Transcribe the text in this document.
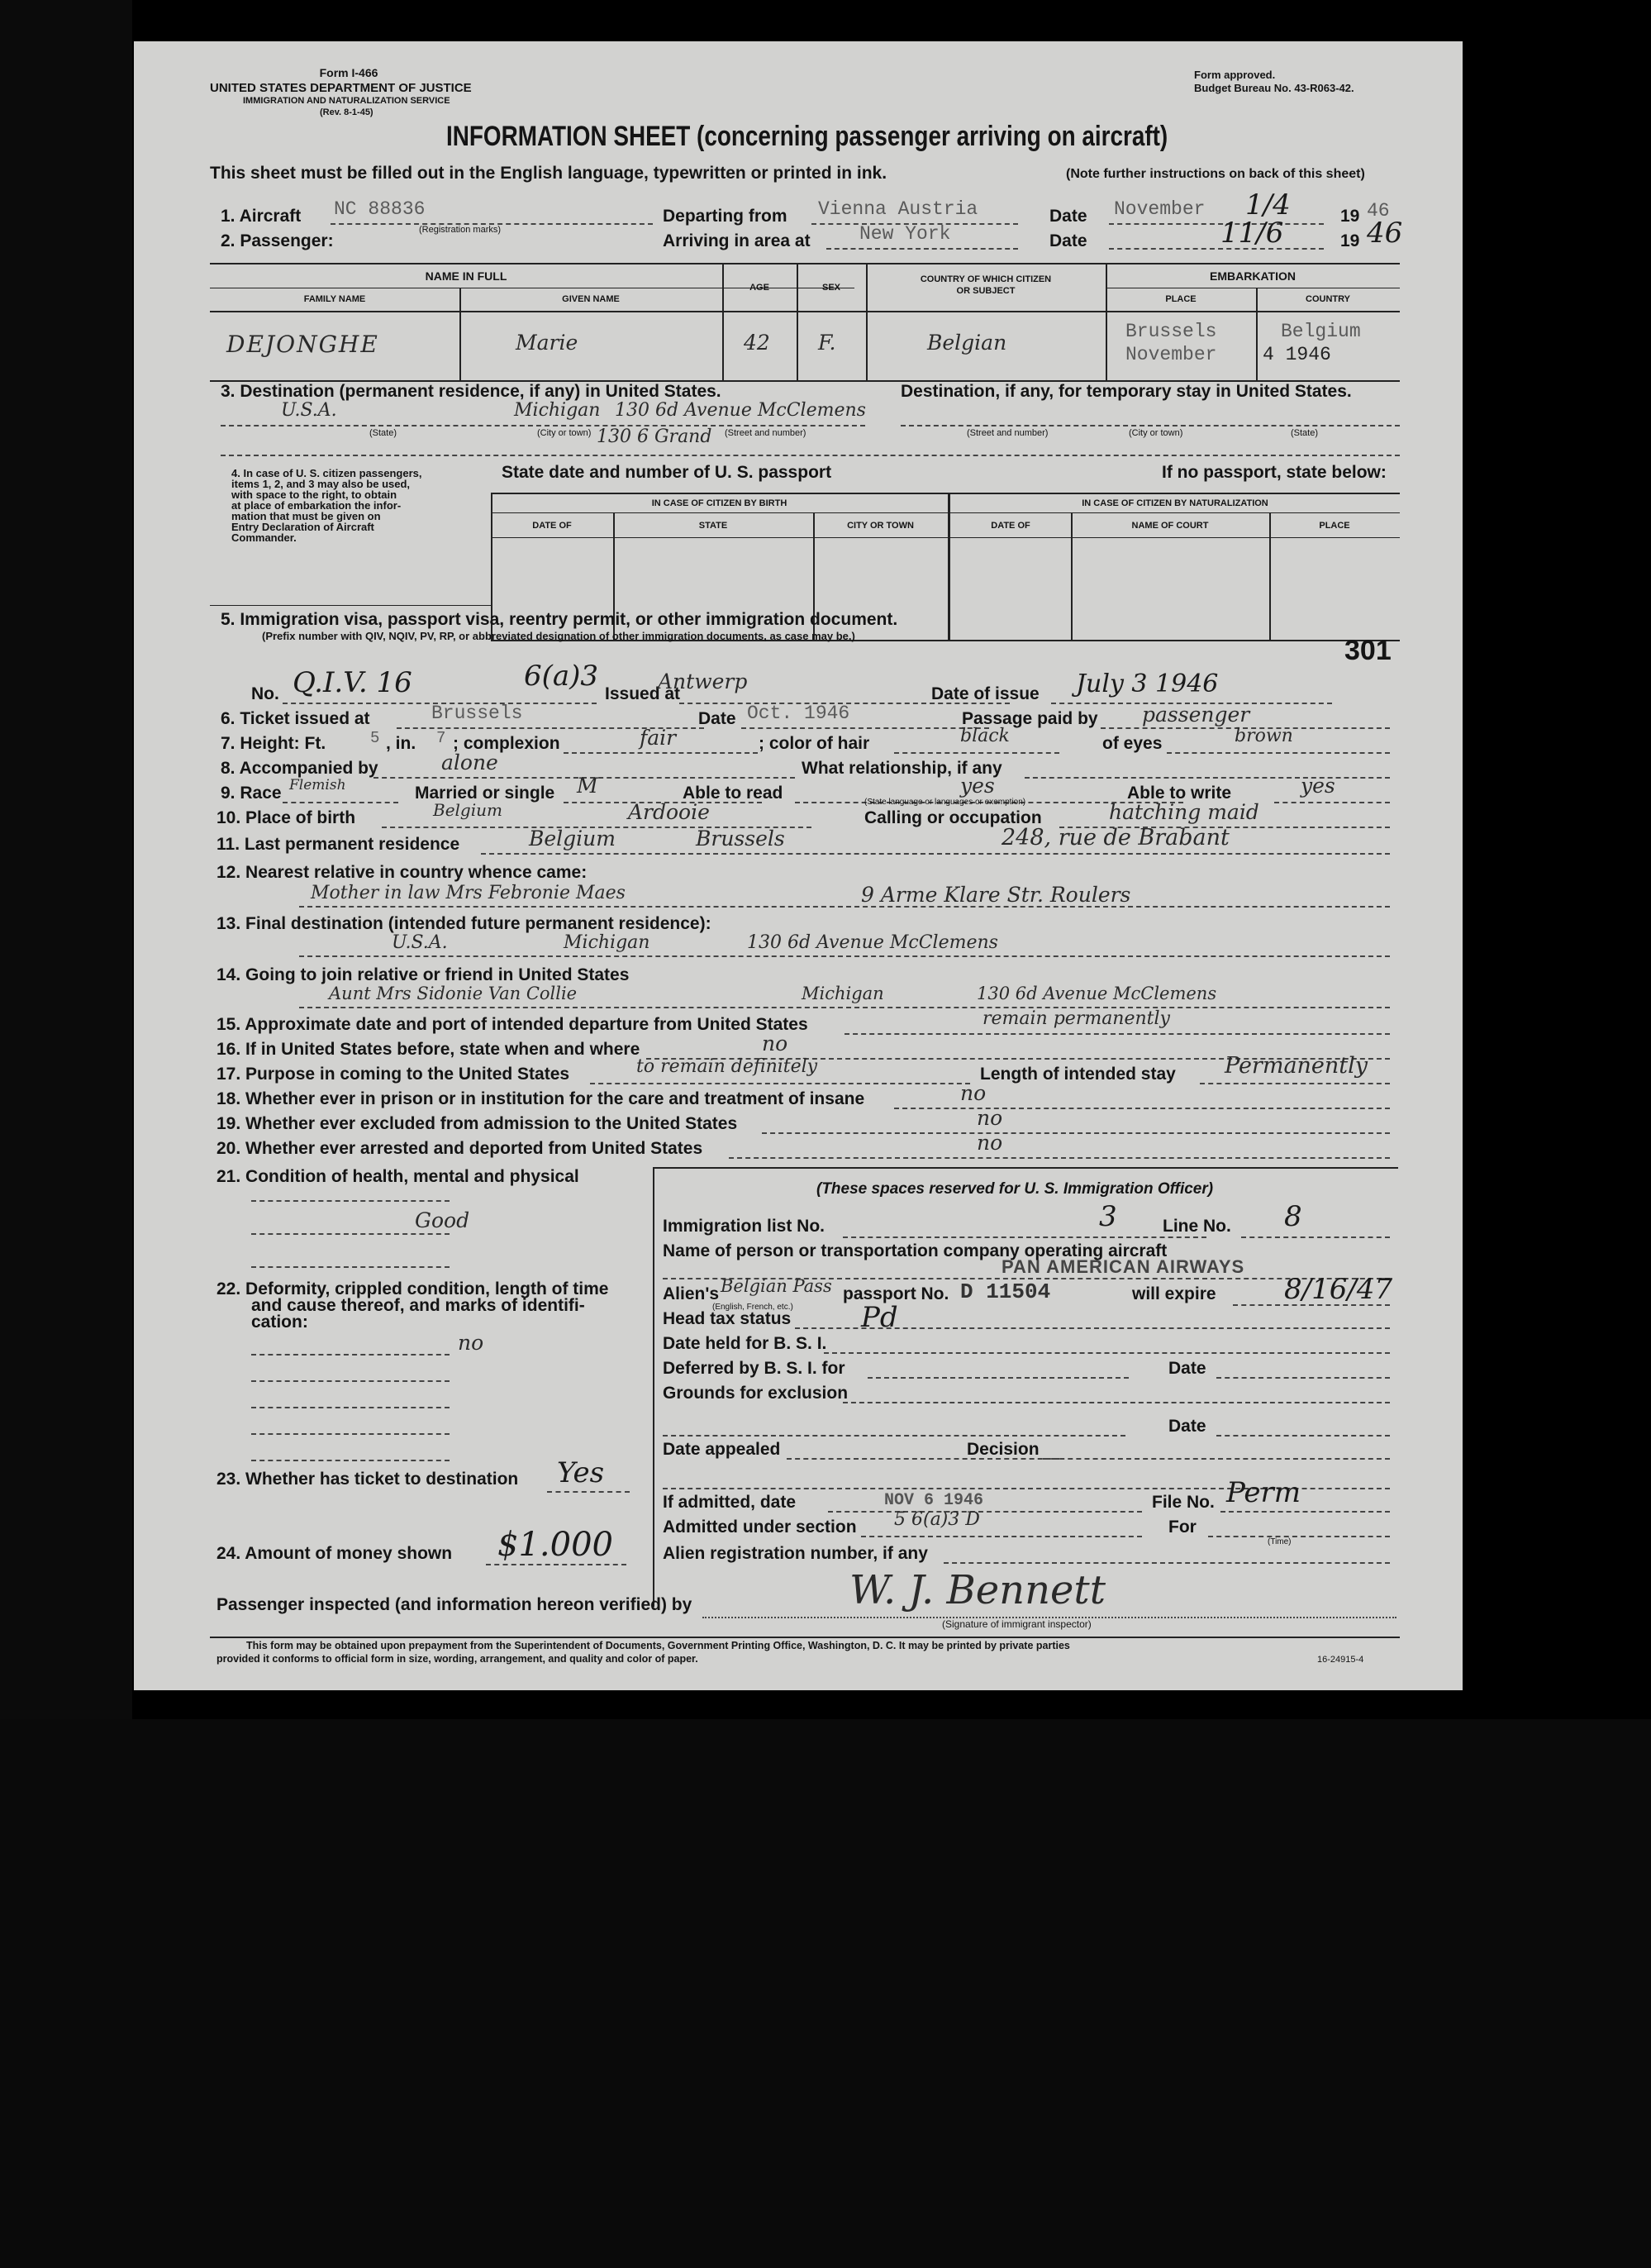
Form I-466
UNITED STATES DEPARTMENT OF JUSTICE
IMMIGRATION AND NATURALIZATION SERVICE
(Rev. 8-1-45)
Form approved.
Budget Bureau No. 43-R063-42.
INFORMATION SHEET (concerning passenger arriving on aircraft)
This sheet must be filled out in the English language, typewritten or printed in ink.	(Note further instructions on back of this sheet)
1. Aircraft NC 88836
(Registration marks)
Departing from Vienna Austria	Date November 1/4	19 46
2. Passenger:	Arriving in area at	New York	Date	11/6	19 46
NAME IN FULL
FAMILY NAME	GIVEN NAME
AGE	SEX
COUNTRY OF WHICH CITIZEN
OR SUBJECT
EMBARKATION
PLACE	COUNTRY
DEJONGHE	Marie	42 F.	Belgian	Brussels	Belgium
November 4 1946
3. Destination (permanent residence, if any) in United States.	Destination, if any, for temporary stay in United States.
U.S.A.	Michigan 130 6d Avenue McClemens
130 6 Grand
(State)	(City or town)	(Street and number)	(Street and number)	(City or town)	(State)
4. In case of U. S. citizen passengers,
items 1, 2, and 3 may also be used,
with space to the right, to obtain
at place of embarkation the infor-
mation that must be given on
Entry Declaration of Aircraft
Commander.
State date and number of U. S. passport	If no passport, state below:
IN CASE OF CITIZEN BY BIRTH	IN CASE OF CITIZEN BY NATURALIZATION
DATE OF	STATE	CITY OR TOWN	DATE OF	NAME OF COURT	PLACE
5. Immigration visa, passport visa, reentry permit, or other immigration document.
(Prefix number with QIV, NQIV, PV, RP, or abbreviated designation of other immigration documents, as case may be.)	301
No. Q.I.V. 16	6(a)3
Issued at
Antwerp
Date of issue July 3 1946
6. Ticket issued at	Brussels	Date Oct. 1946	Passage paid by passenger
7. Height: Ft.	5 , in. 7 ; complexion	fair	; color of hair	black	of eyes	brown
8. Accompanied by	alone	What relationship, if any
9. Race Flemish	Married or single M	Able to read	yes	Able to write	yes
10. Place of birth	Belgium	Ardooie	Calling or occupation	hatching maid
(State language or languages or exemption)
11. Last permanent residence	Belgium	Brussels	248, rue de Brabant
12. Nearest relative in country whence came:
Mother in law Mrs Febronie Maes	9 Arme Klare Str. Roulers
13. Final destination (intended future permanent residence):
U.S.A.	Michigan	130 6d Avenue McClemens
14. Going to join relative or friend in United States
Aunt Mrs Sidonie Van Collie	Michigan	130 6d Avenue McClemens
15. Approximate date and port of intended departure from United States	remain permanently
16. If in United States before, state when and where	no
17. Purpose in coming to the United States	to remain definitely	Length of intended stay Permanently
18. Whether ever in prison or in institution for the care and treatment of insane	no
19. Whether ever excluded from admission to the United States	no
20. Whether ever arrested and deported from United States	no
21. Condition of health, mental and physical
Good
22. Deformity, crippled condition, length of time
and cause thereof, and marks of identifi-
cation:
no
23. Whether has ticket to destination Yes
24. Amount of money shown $1.000
(These spaces reserved for U. S. Immigration Officer)
Immigration list No.	3	Line No. 8
Name of person or transportation company operating aircraft
PAN AMERICAN AIRWAYS
Alien's Belgian Pass
(English, French, etc.)
passport No. D 11504	will expire 8/16/47
Head tax status Pd
Date held for B. S. I.
Deferred by B. S. I. for	Date
Grounds for exclusion
Date
Date appealed	Decision
If admitted, date	NOV 6 1946	File No. Perm
Admitted under section 5 6(a)3 D	For
(Time)
Alien registration number, if any
Passenger inspected (and information hereon verified) by	W. J. Bennett
(Signature of immigrant inspector)
This form may be obtained upon prepayment from the Superintendent of Documents, Government Printing Office, Washington, D. C. It may be printed by private parties
provided it conforms to official form in size, wording, arrangement, and quality and color of paper.	16-24915-4
